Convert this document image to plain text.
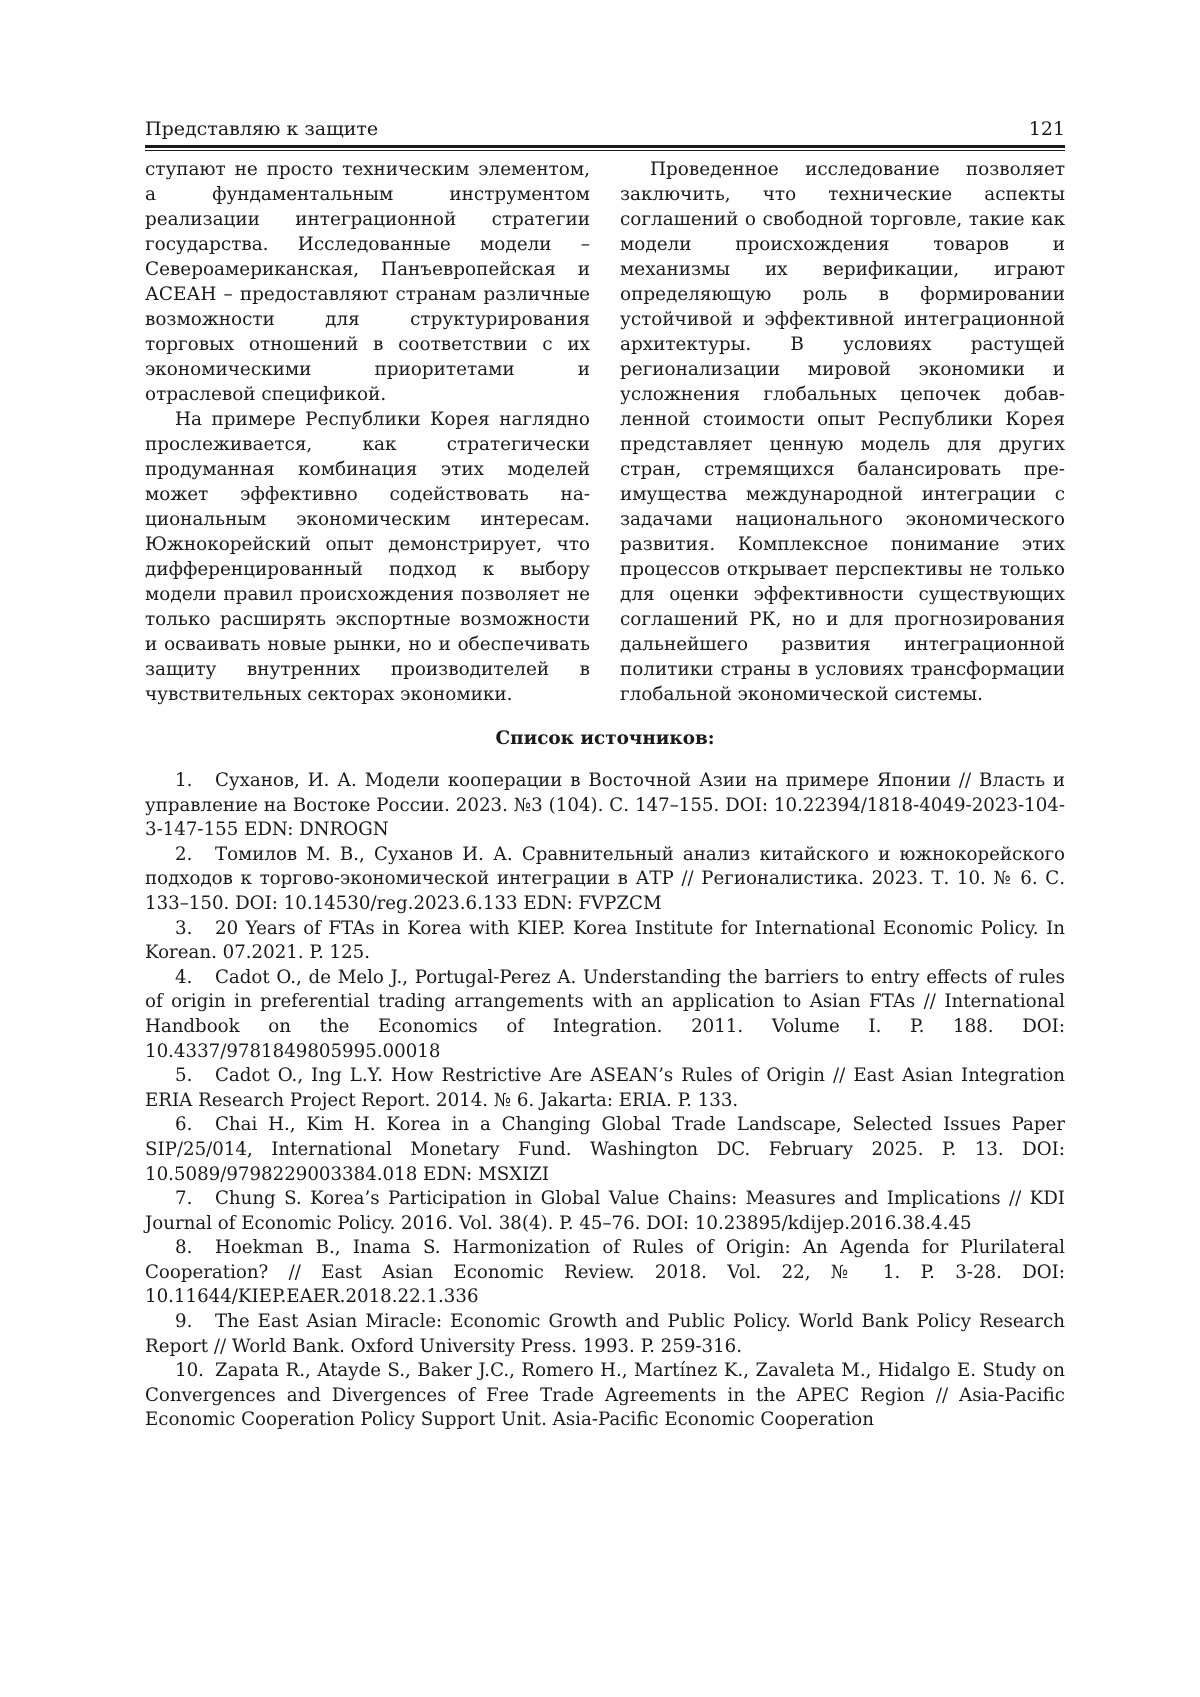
Представляю к защите	121

ступают не просто техническим элементом, а фундаментальным инструментом реализации интеграционной стратегии государства. Исследованные модели – Североамериканская, Панъевропейская и АСЕАН – предоставляют странам различные возможности для структурирования торговых отношений в соответствии с их экономическими приоритетами и отраслевой спецификой.

На примере Республики Корея наглядно прослеживается, как стратегически продуманная комбинация этих моделей может эффективно содействовать национальным экономическим интересам. Южнокорейский опыт демонстрирует, что дифференцированный подход к выбору модели правил происхождения позволяет не только расширять экспортные возможности и осваивать новые рынки, но и обеспечивать защиту внутренних производителей в чувствительных секторах экономики.

Проведенное исследование позволяет заключить, что технические аспекты соглашений о свободной торговле, такие как модели происхождения товаров и механизмы их верификации, играют определяющую роль в формировании устойчивой и эффективной интеграционной архитектуры. В условиях растущей регионализации мировой экономики и усложнения глобальных цепочек добавленной стоимости опыт Республики Корея представляет ценную модель для других стран, стремящихся балансировать преимущества международной интеграции с задачами национального экономического развития. Комплексное понимание этих процессов открывает перспективы не только для оценки эффективности существующих соглашений РК, но и для прогнозирования дальнейшего развития интеграционной политики страны в условиях трансформации глобальной экономической системы.

Список источников:

1. Суханов, И. А. Модели кооперации в Восточной Азии на примере Японии // Власть и управление на Востоке России. 2023. №3 (104). С. 147–155. DOI: 10.22394/1818-4049-2023-104-3-147-155 EDN: DNROGN

2. Томилов М. В., Суханов И. А. Сравнительный анализ китайского и южнокорейского подходов к торгово-экономической интеграции в АТР // Регионалистика. 2023. Т. 10. № 6. С. 133–150. DOI: 10.14530/reg.2023.6.133 EDN: FVPZCM

3. 20 Years of FTAs in Korea with KIEP. Korea Institute for International Economic Policy. In Korean. 07.2021. P. 125.

4. Cadot O., de Melo J., Portugal-Perez A. Understanding the barriers to entry effects of rules of origin in preferential trading arrangements with an application to Asian FTAs // International Handbook on the Economics of Integration. 2011. Volume I. P. 188. DOI: 10.4337/9781849805995.00018

5. Cadot O., Ing L.Y. How Restrictive Are ASEAN’s Rules of Origin // East Asian Integration ERIA Research Project Report. 2014. № 6. Jakarta: ERIA. P. 133.

6. Chai H., Kim H. Korea in a Changing Global Trade Landscape, Selected Issues Paper SIP/25/014, International Monetary Fund. Washington DC. February 2025. P. 13. DOI: 10.5089/9798229003384.018 EDN: MSXIZI

7. Chung S. Korea’s Participation in Global Value Chains: Measures and Implications // KDI Journal of Economic Policy. 2016. Vol. 38(4). P. 45–76. DOI: 10.23895/kdijep.2016.38.4.45

8. Hoekman B., Inama S. Harmonization of Rules of Origin: An Agenda for Plurilateral Cooperation? // East Asian Economic Review. 2018. Vol. 22, № 1. P. 3-28. DOI: 10.11644/KIEP.EAER.2018.22.1.336

9. The East Asian Miracle: Economic Growth and Public Policy. World Bank Policy Research Report // World Bank. Oxford University Press. 1993. P. 259-316.

10. Zapata R., Atayde S., Baker J.C., Romero H., Martínez K., Zavaleta M., Hidalgo E. Study on Convergences and Divergences of Free Trade Agreements in the APEC Region // Asia-Pacific Economic Cooperation Policy Support Unit. Asia-Pacific Economic Cooperation
